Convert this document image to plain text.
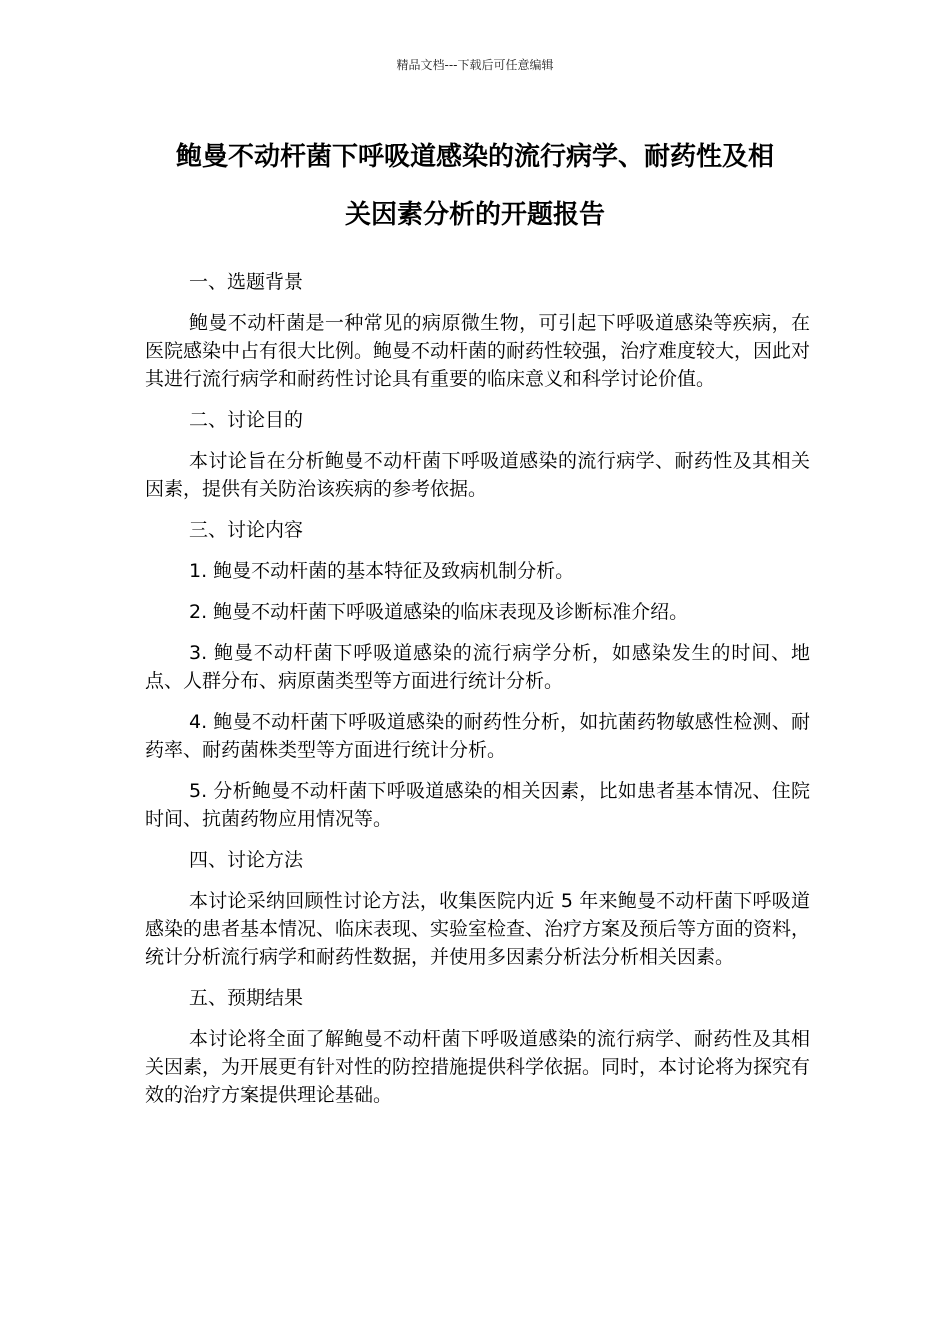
精品文档---下载后可任意编辑
鲍曼不动杆菌下呼吸道感染的流行病学、耐药性及相
关因素分析的开题报告

一、选题背景

鲍曼不动杆菌是一种常见的病原微生物，可引起下呼吸道感染等疾病，在医院感染中占有很大比例。鲍曼不动杆菌的耐药性较强，治疗难度较大，因此对其进行流行病学和耐药性讨论具有重要的临床意义和科学讨论价值。

二、讨论目的

本讨论旨在分析鲍曼不动杆菌下呼吸道感染的流行病学、耐药性及其相关因素，提供有关防治该疾病的参考依据。

三、讨论内容

1. 鲍曼不动杆菌的基本特征及致病机制分析。

2. 鲍曼不动杆菌下呼吸道感染的临床表现及诊断标准介绍。

3. 鲍曼不动杆菌下呼吸道感染的流行病学分析，如感染发生的时间、地点、人群分布、病原菌类型等方面进行统计分析。

4. 鲍曼不动杆菌下呼吸道感染的耐药性分析，如抗菌药物敏感性检测、耐药率、耐药菌株类型等方面进行统计分析。

5. 分析鲍曼不动杆菌下呼吸道感染的相关因素，比如患者基本情况、住院时间、抗菌药物应用情况等。

四、讨论方法

本讨论采纳回顾性讨论方法，收集医院内近 5 年来鲍曼不动杆菌下呼吸道感染的患者基本情况、临床表现、实验室检查、治疗方案及预后等方面的资料，统计分析流行病学和耐药性数据，并使用多因素分析法分析相关因素。

五、预期结果

本讨论将全面了解鲍曼不动杆菌下呼吸道感染的流行病学、耐药性及其相关因素，为开展更有针对性的防控措施提供科学依据。同时，本讨论将为探究有效的治疗方案提供理论基础。
